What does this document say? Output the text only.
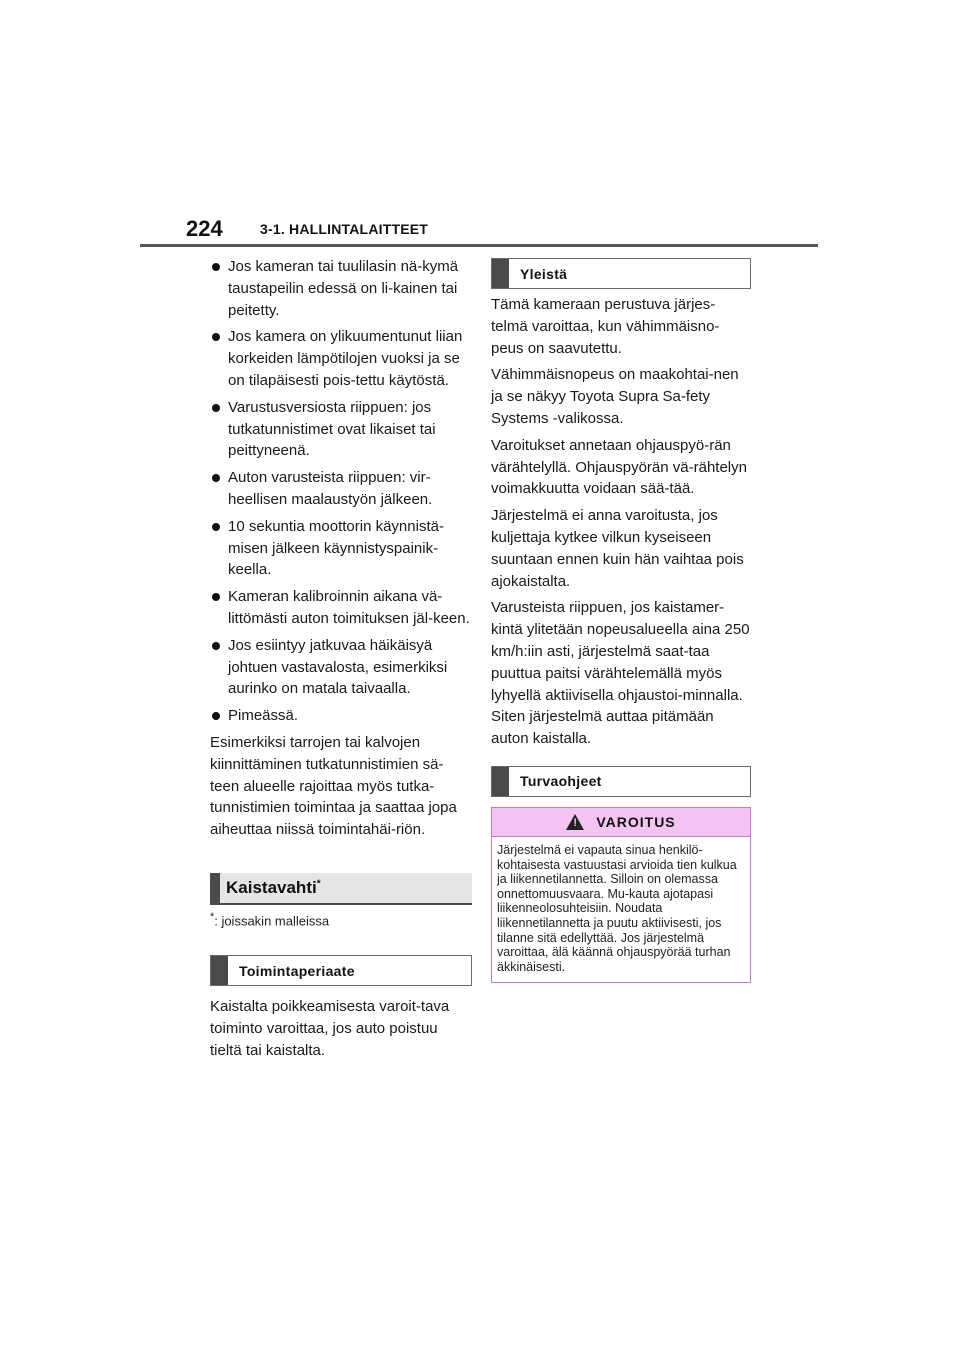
224	3-1. HALLINTALAITTEET
Jos kameran tai tuulilasin nä-kymä taustapeilin edessä on li-kainen tai peitetty.
Jos kamera on ylikuumentunut liian korkeiden lämpötilojen vuoksi ja se on tilapäisesti pois-tettu käytöstä.
Varustusversiosta riippuen: jos tutkatunnistimet ovat likaiset tai peittyneenä.
Auton varusteista riippuen: vir-heellisen maalaustyön jälkeen.
10 sekuntia moottorin käynnistä-misen jälkeen käynnistyspainik-keella.
Kameran kalibroinnin aikana vä-littömästi auton toimituksen jäl-keen.
Jos esiintyy jatkuvaa häikäisyä johtuen vastavalosta, esimerkiksi aurinko on matala taivaalla.
Pimeässä.

Esimerkiksi tarrojen tai kalvojen kiinnittäminen tutkatunnistimien sä-teen alueelle rajoittaa myös tutka-tunnistimien toimintaa ja saattaa jopa aiheuttaa niissä toimintahäi-riön.

Kaistavahti*

*: joissakin malleissa

Toimintaperiaate

Kaistalta poikkeamisesta varoit-tava toiminto varoittaa, jos auto poistuu tieltä tai kaistalta.

Yleistä

Tämä kameraan perustuva järjes-telmä varoittaa, kun vähimmäisno-peus on saavutettu.

Vähimmäisnopeus on maakohtai-nen ja se näkyy Toyota Supra Sa-fety Systems -valikossa.

Varoitukset annetaan ohjauspyö-rän värähtelyllä. Ohjauspyörän vä-rähtelyn voimakkuutta voidaan sää-tää.

Järjestelmä ei anna varoitusta, jos kuljettaja kytkee vilkun kyseiseen suuntaan ennen kuin hän vaihtaa pois ajokaistalta.

Varusteista riippuen, jos kaistamer-kintä ylitetään nopeusalueella aina 250 km/h:iin asti, järjestelmä saat-taa puuttua paitsi värähtelemällä myös lyhyellä aktiivisella ohjaustoi-minnalla. Siten järjestelmä auttaa pitämään auton kaistalla.

Turvaohjeet
!
VAROITUS
Järjestelmä ei vapauta sinua henkilö-kohtaisesta vastuustasi arvioida tien kulkua ja liikennetilannetta. Silloin on olemassa onnettomuusvaara. Mu-kauta ajotapasi liikenneolosuhteisiin. Noudata liikennetilannetta ja puutu aktiivisesti, jos tilanne sitä edellyttää. Jos järjestelmä varoittaa, älä käännä ohjauspyörää turhan äkkinäisesti.
